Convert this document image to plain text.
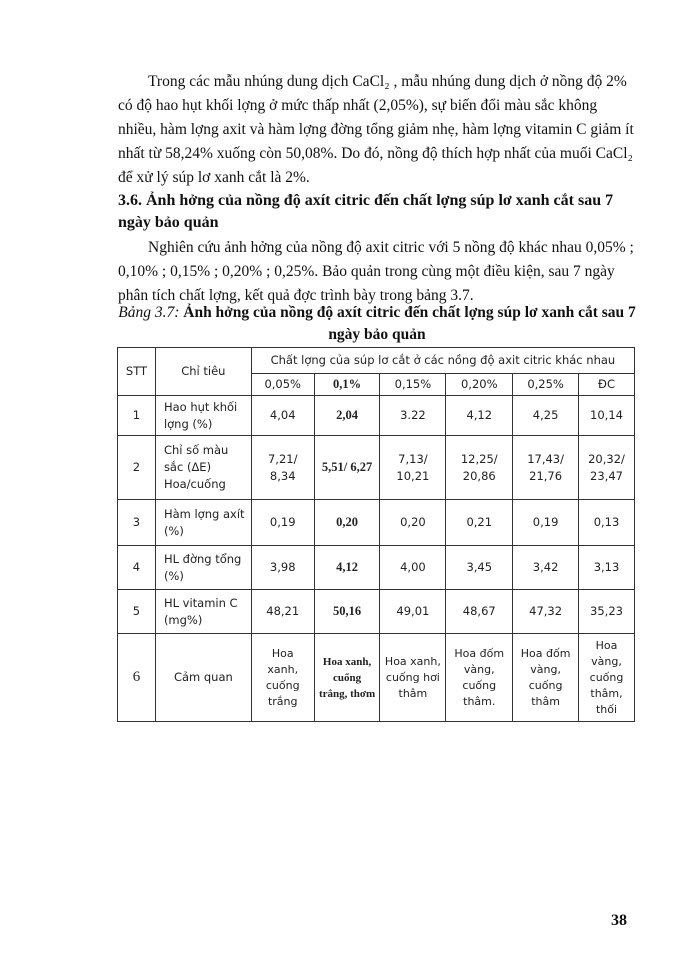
Trong các mẫu nhúng dung dịch CaCl₂ , mẫu nhúng dung dịch ở nồng độ 2% có độ hao hụt khối lợng ở mức thấp nhất (2,05%), sự biến đổi màu sắc không nhiều, hàm lợng axit và hàm lợng đờng tổng giảm nhẹ, hàm lợng vitamin C giảm ít nhất từ 58,24% xuống còn 50,08%. Do đó, nồng độ thích hợp nhất của muối CaCl₂ để xử lý súp lơ xanh cắt là 2%.

3.6. Ảnh hởng của nồng độ axít citric đến chất lợng súp lơ xanh cắt sau 7 ngày bảo quản

Nghiên cứu ảnh hởng của nồng độ axit citric với 5 nồng độ khác nhau 0,05% ; 0,10% ; 0,15% ; 0,20% ; 0,25%. Bảo quản trong cùng một điều kiện, sau 7 ngày phân tích chất lợng, kết quả đợc trình bày trong bảng 3.7.

Bảng 3.7: Ảnh hởng của nồng độ axít citric đến chất lợng súp lơ xanh cắt sau 7 ngày bảo quản

STT	Chỉ tiêu	Chất lợng của súp lơ cắt ở các nồng độ axit citric khác nhau					
		0,05%	0,1%	0,15%	0,20%	0,25%	ĐC
1	Hao hụt khối lợng (%)	4,04	2,04	3.22	4,12	4,25	10,14
2	Chỉ số màu sắc (ΔE) Hoa/cuống	7,21/ 8,34	5,51/ 6,27	7,13/ 10,21	12,25/ 20,86	17,43/ 21,76	20,32/ 23,47
3	Hàm lợng axít (%)	0,19	0,20	0,20	0,21	0,19	0,13
4	HL đờng tổng (%)	3,98	4,12	4,00	3,45	3,42	3,13
5	HL vitamin C (mg%)	48,21	50,16	49,01	48,67	47,32	35,23
6	Cảm quan	Hoa xanh, cuống trắng	Hoa xanh, cuống trắng, thơm	Hoa xanh, cuống hơi thâm	Hoa đốm vàng, cuống thâm.	Hoa đốm vàng, cuống thâm	Hoa vàng, cuống thâm, thối
38
